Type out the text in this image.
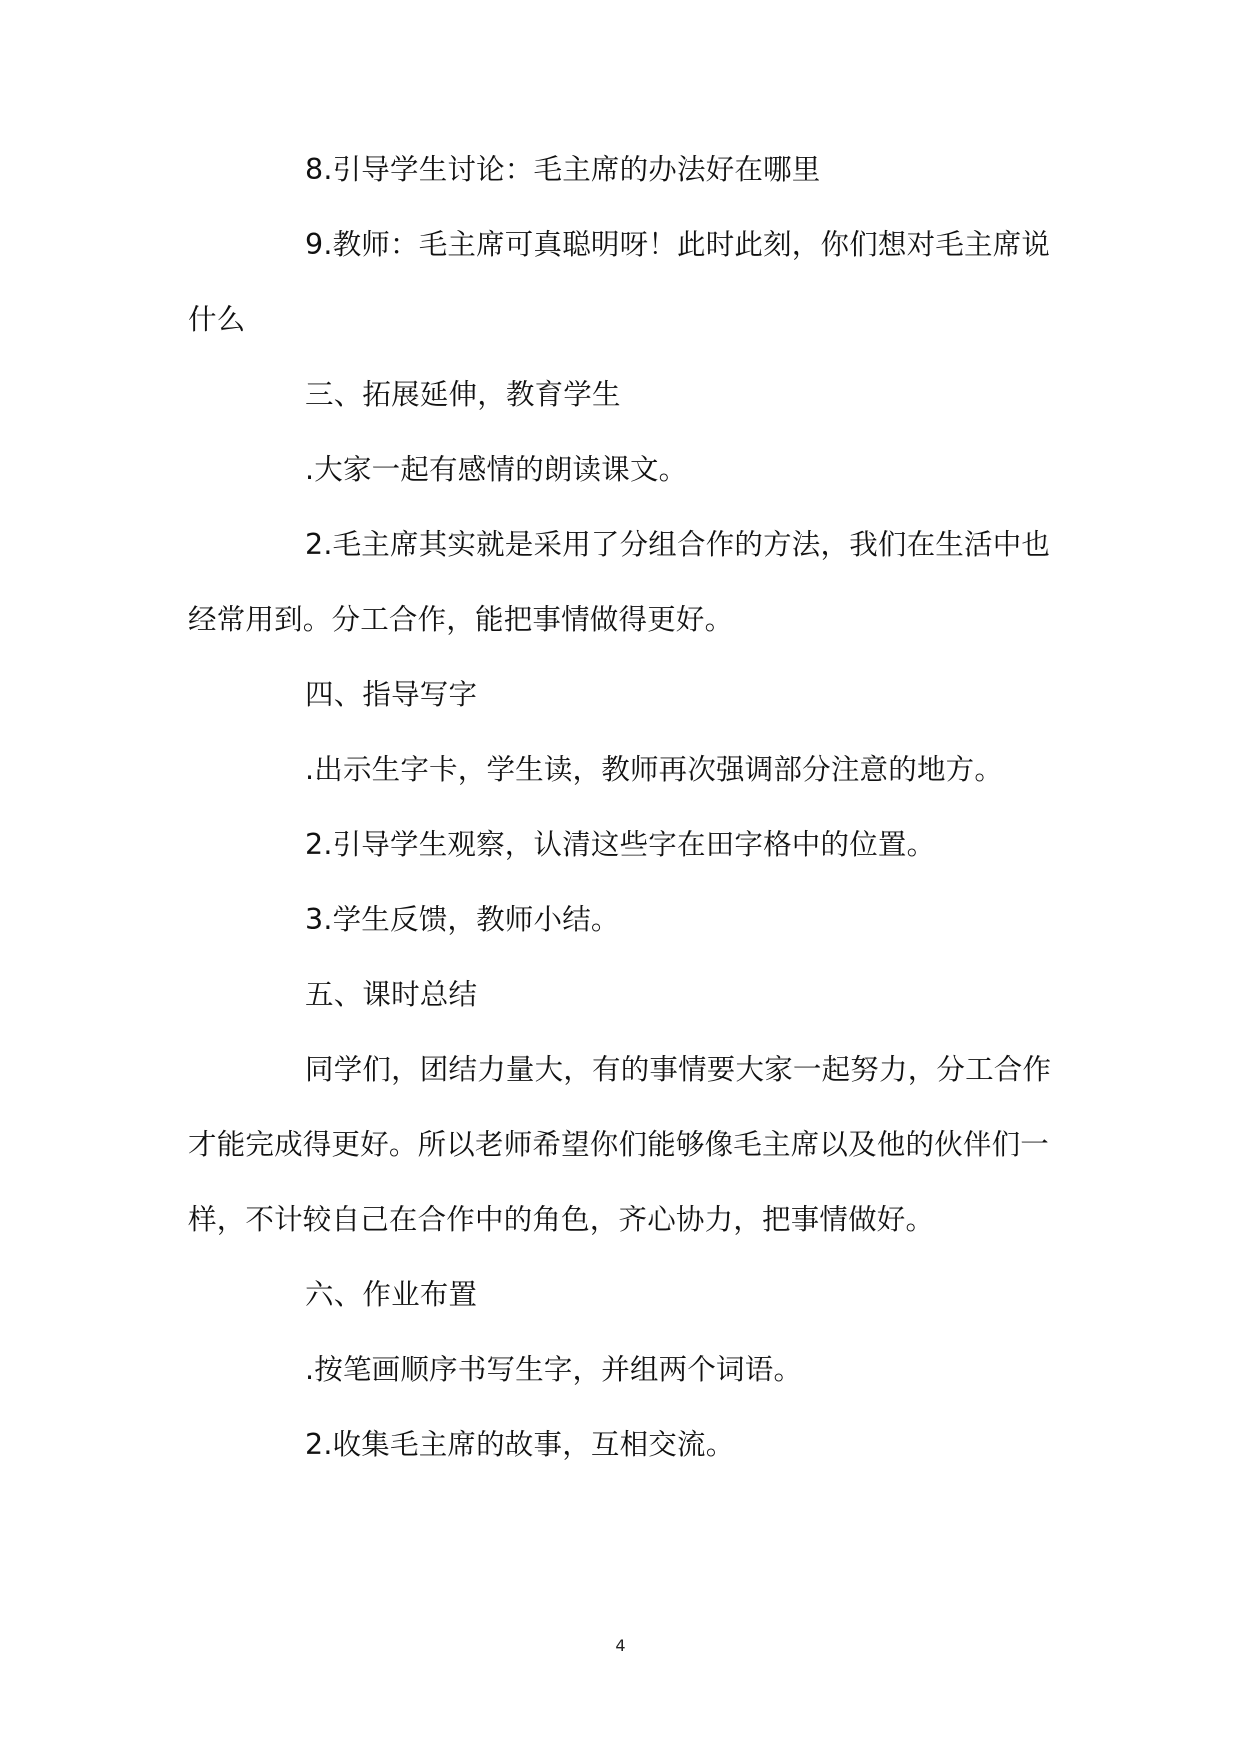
8.引导学生讨论：毛主席的办法好在哪里
9.教师：毛主席可真聪明呀！此时此刻，你们想对毛主席说
什么
三、拓展延伸，教育学生
.大家一起有感情的朗读课文。
2.毛主席其实就是采用了分组合作的方法，我们在生活中也
经常用到。分工合作，能把事情做得更好。
四、指导写字
.出示生字卡，学生读，教师再次强调部分注意的地方。
2.引导学生观察，认清这些字在田字格中的位置。
3.学生反馈，教师小结。
五、课时总结
同学们，团结力量大，有的事情要大家一起努力，分工合作
才能完成得更好。所以老师希望你们能够像毛主席以及他的伙伴们一
样，不计较自己在合作中的角色，齐心协力，把事情做好。
六、作业布置
.按笔画顺序书写生字，并组两个词语。
2.收集毛主席的故事，互相交流。
4
